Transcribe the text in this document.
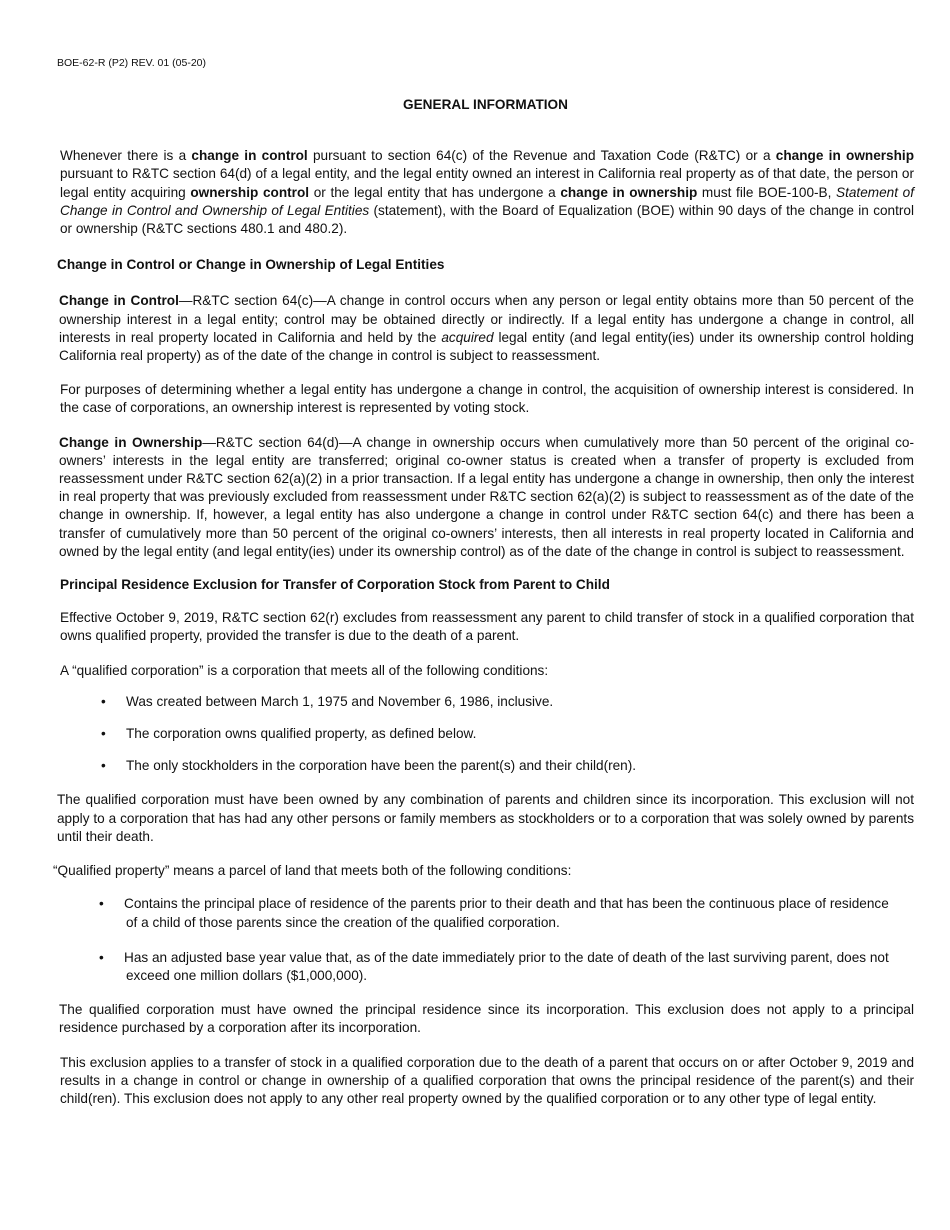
BOE-62-R (P2) REV. 01 (05-20)
GENERAL INFORMATION

Whenever there is a change in control pursuant to section 64(c) of the Revenue and Taxation Code (R&TC) or a change in ownership pursuant to R&TC section 64(d) of a legal entity, and the legal entity owned an interest in California real property as of that date, the person or legal entity acquiring ownership control or the legal entity that has undergone a change in ownership must file BOE-100-B, Statement of Change in Control and Ownership of Legal Entities (statement), with the Board of Equalization (BOE) within 90 days of the change in control or ownership (R&TC sections 480.1 and 480.2).

Change in Control or Change in Ownership of Legal Entities

Change in Control—R&TC section 64(c)—A change in control occurs when any person or legal entity obtains more than 50 percent of the ownership interest in a legal entity; control may be obtained directly or indirectly. If a legal entity has undergone a change in control, all interests in real property located in California and held by the acquired legal entity (and legal entity(ies) under its ownership control holding California real property) as of the date of the change in control is subject to reassessment.

For purposes of determining whether a legal entity has undergone a change in control, the acquisition of ownership interest is considered. In the case of corporations, an ownership interest is represented by voting stock.

Change in Ownership—R&TC section 64(d)—A change in ownership occurs when cumulatively more than 50 percent of the original co-owners’ interests in the legal entity are transferred; original co-owner status is created when a transfer of property is excluded from reassessment under R&TC section 62(a)(2) in a prior transaction. If a legal entity has undergone a change in ownership, then only the interest in real property that was previously excluded from reassessment under R&TC section 62(a)(2) is subject to reassessment as of the date of the change in ownership. If, however, a legal entity has also undergone a change in control under R&TC section 64(c) and there has been a transfer of cumulatively more than 50 percent of the original co-owners’ interests, then all interests in real property located in California and owned by the legal entity (and legal entity(ies) under its ownership control) as of the date of the change in control is subject to reassessment.

Principal Residence Exclusion for Transfer of Corporation Stock from Parent to Child

Effective October 9, 2019, R&TC section 62(r) excludes from reassessment any parent to child transfer of stock in a qualified corporation that owns qualified property, provided the transfer is due to the death of a parent.

A “qualified corporation” is a corporation that meets all of the following conditions:

• Was created between March 1, 1975 and November 6, 1986, inclusive.
• The corporation owns qualified property, as defined below.
• The only stockholders in the corporation have been the parent(s) and their child(ren).

The qualified corporation must have been owned by any combination of parents and children since its incorporation. This exclusion will not apply to a corporation that has had any other persons or family members as stockholders or to a corporation that was solely owned by parents until their death.

“Qualified property” means a parcel of land that meets both of the following conditions:

• Contains the principal place of residence of the parents prior to their death and that has been the continuous place of residence
of a child of those parents since the creation of the qualified corporation.
• Has an adjusted base year value that, as of the date immediately prior to the date of death of the last surviving parent, does not
exceed one million dollars ($1,000,000).

The qualified corporation must have owned the principal residence since its incorporation. This exclusion does not apply to a principal residence purchased by a corporation after its incorporation.

This exclusion applies to a transfer of stock in a qualified corporation due to the death of a parent that occurs on or after October 9, 2019 and results in a change in control or change in ownership of a qualified corporation that owns the principal residence of the parent(s) and their child(ren). This exclusion does not apply to any other real property owned by the qualified corporation or to any other type of legal entity.
